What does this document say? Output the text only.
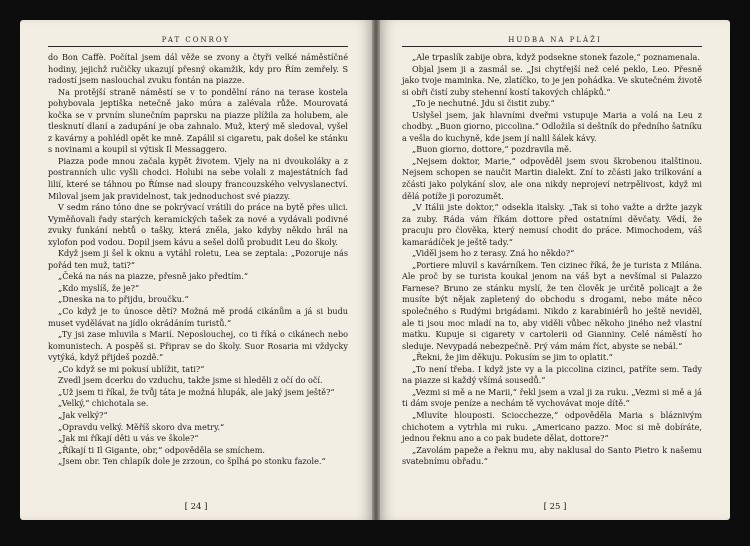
PAT CONROY

do Bon Caffè. Počítal jsem dál věže se zvony a čtyři velké náměstíčné hodiny, jejichž ručičky ukazují přesný okamžik, kdy pro Řím zemřely. S radostí jsem naslouchal zvuku fontán na piazze.

Na protější straně náměstí se v to pondělní ráno na terase kostela pohybovala jeptiška netečně jako múra a zalévala růže. Mourovatá kočka se v prvním slunečním paprsku na piazze plížila za holubem, ale tlesknutí dlaní a zadupání je oba zahnalo. Muž, který mě sledoval, vyšel z kavárny a pohlédl opět ke mně. Zapálil si cigaretu, pak došel ke stánku s novinami a koupil si výtisk Il Messaggero.

Piazza pode mnou začala kypět životem. Vjely na ni dvoukoláky a z postranních ulic vyšli chodci. Holubi na sebe volali z majestátních fad lilií, které se táhnou po Římse nad sloupy francouzského velvyslanectví. Miloval jsem jak pravidelnost, tak jednoduchost své piazzy.

V sedm ráno tóno dne se pokrývací vrátili do práce na bytě přes ulici. Vyměňovali řady starých keramických tašek za nové a vydávali podivné zvuky funkání nebtů o tašky, která zněla, jako kdyby někdo hrál na xylofon pod vodou. Dopil jsem kávu a sešel dolů probudit Leu do školy.

Když jsem ji šel k oknu a vytáhl roletu, Lea se zeptala: „Pozoruje nás pořád ten muž, tati?“

„Čeká na nás na piazze, přesně jako předtím.“

„Kdo myslíš, že je?“

„Dneska na to přijdu, broučku.“

„Co když je to únosce dětí? Možná mě prodá cikánům a já si budu muset vydělávat na jídlo okrádáním turistů.“

„Ty jsi zase mluvila s Marií. Neposlouchej, co ti říká o cikánech nebo komunistech. A pospěš si. Připrav se do školy. Suor Rosaria mi vždycky vytýká, když přijdeš pozdě.“

„Co když se mi pokusí ublížit, tati?“

Zvedl jsem dcerku do vzduchu, takže jsme si hleděli z očí do očí.

„Už jsem ti říkal, že tvůj táta je možná hlupák, ale jaký jsem ještě?“

„Velký,“ chichotala se.

„Jak velký?“

„Opravdu velký. Měříš skoro dva metry.“

„Jak mi říkají děti u vás ve škole?“

„Říkají ti Il Gigante, obr,“ odpověděla se smíchem.

„Jsem obr. Ten chlapík dole je zrzoun, co šplhá po stonku fazole.“

[ 24 ]
HUDBA NA PLÁŽI

„Ale trpaslík zabije obra, když podsekne stonek fazole,“ poznamenala.

Objal jsem ji a zasmál se. „Jsi chytřejší než celé peklo, Leo. Přesně jako tvoje maminka. Ne, zlatíčko, to je jen pohádka. Ve skutečném životě si obři čistí zuby stehenní kostí takových chlápků.“

„To je nechutné. Jdu si čistit zuby.“

Uslyšel jsem, jak hlavními dveřmi vstupuje Maria a volá na Leu z chodby. „Buon giorno, piccolina.“ Odložila si deštník do předního šatníku a vešla do kuchyně, kde jsem jí nalil šálek kávy.

„Buon giorno, dottore,“ pozdravila mě.

„Nejsem doktor, Marie,“ odpověděl jsem svou škrobenou italštinou. Nejsem schopen se naučit Martin dialekt. Zní to zčásti jako trilkování a zčásti jako polykání slov, ale ona nikdy neprojeví netrpělivost, když mi dělá potíže ji porozumět.

„V Itálii jste doktor,“ odsekla italsky. „Tak si toho važte a držte jazyk za zuby. Ráda vám říkám dottore před ostatními děvčaty. Vědí, že pracuju pro člověka, který nemusí chodit do práce. Mimochodem, váš kamarádíček je ještě tady.“

„Viděl jsem ho z terasy. Zná ho někdo?“

„Portiere mluvil s kavárníkem. Ten cizinec říká, že je turista z Milána. Ale proč by se turista koukal jenom na váš byt a nevšímal si Palazzo Farnese? Bruno ze stánku myslí, že ten člověk je určitě policajt a že musíte být nějak zapletený do obchodu s drogami, nebo máte něco společného s Rudými brigádami. Nikdo z karabiniérů ho ještě neviděl, ale ti jsou moc mladí na to, aby viděli vůbec někoho jiného než vlastní matku. Kupuje si cigarety v cartolerii od Gianniny. Celé náměstí ho sleduje. Nevypadá nebezpečně. Prý vám mám říct, abyste se nebál.“

„Řekni, že jim děkuju. Pokusím se jim to oplatit.“

„To není třeba. I když jste vy a la piccolina cizinci, patříte sem. Tady na piazze si každý všímá sousedů.“

„Vezmi si mě a ne Marii,“ řekl jsem a vzal ji za ruku. „Vezmi si mě a já ti dám svoje peníze a nechám tě vychovávat moje dítě.“

„Mluvíte hlouposti. Sciocchezze,“ odpověděla Maria s bláznivým chichotem a vytrhla mi ruku. „Americano pazzo. Moc si mě dobíráte, jednou řeknu ano a co pak budete dělat, dottore?“

„Zavolám papeže a řeknu mu, aby naklusal do Santo Pietro k našemu svatebnímu obřadu.“

[ 25 ]
